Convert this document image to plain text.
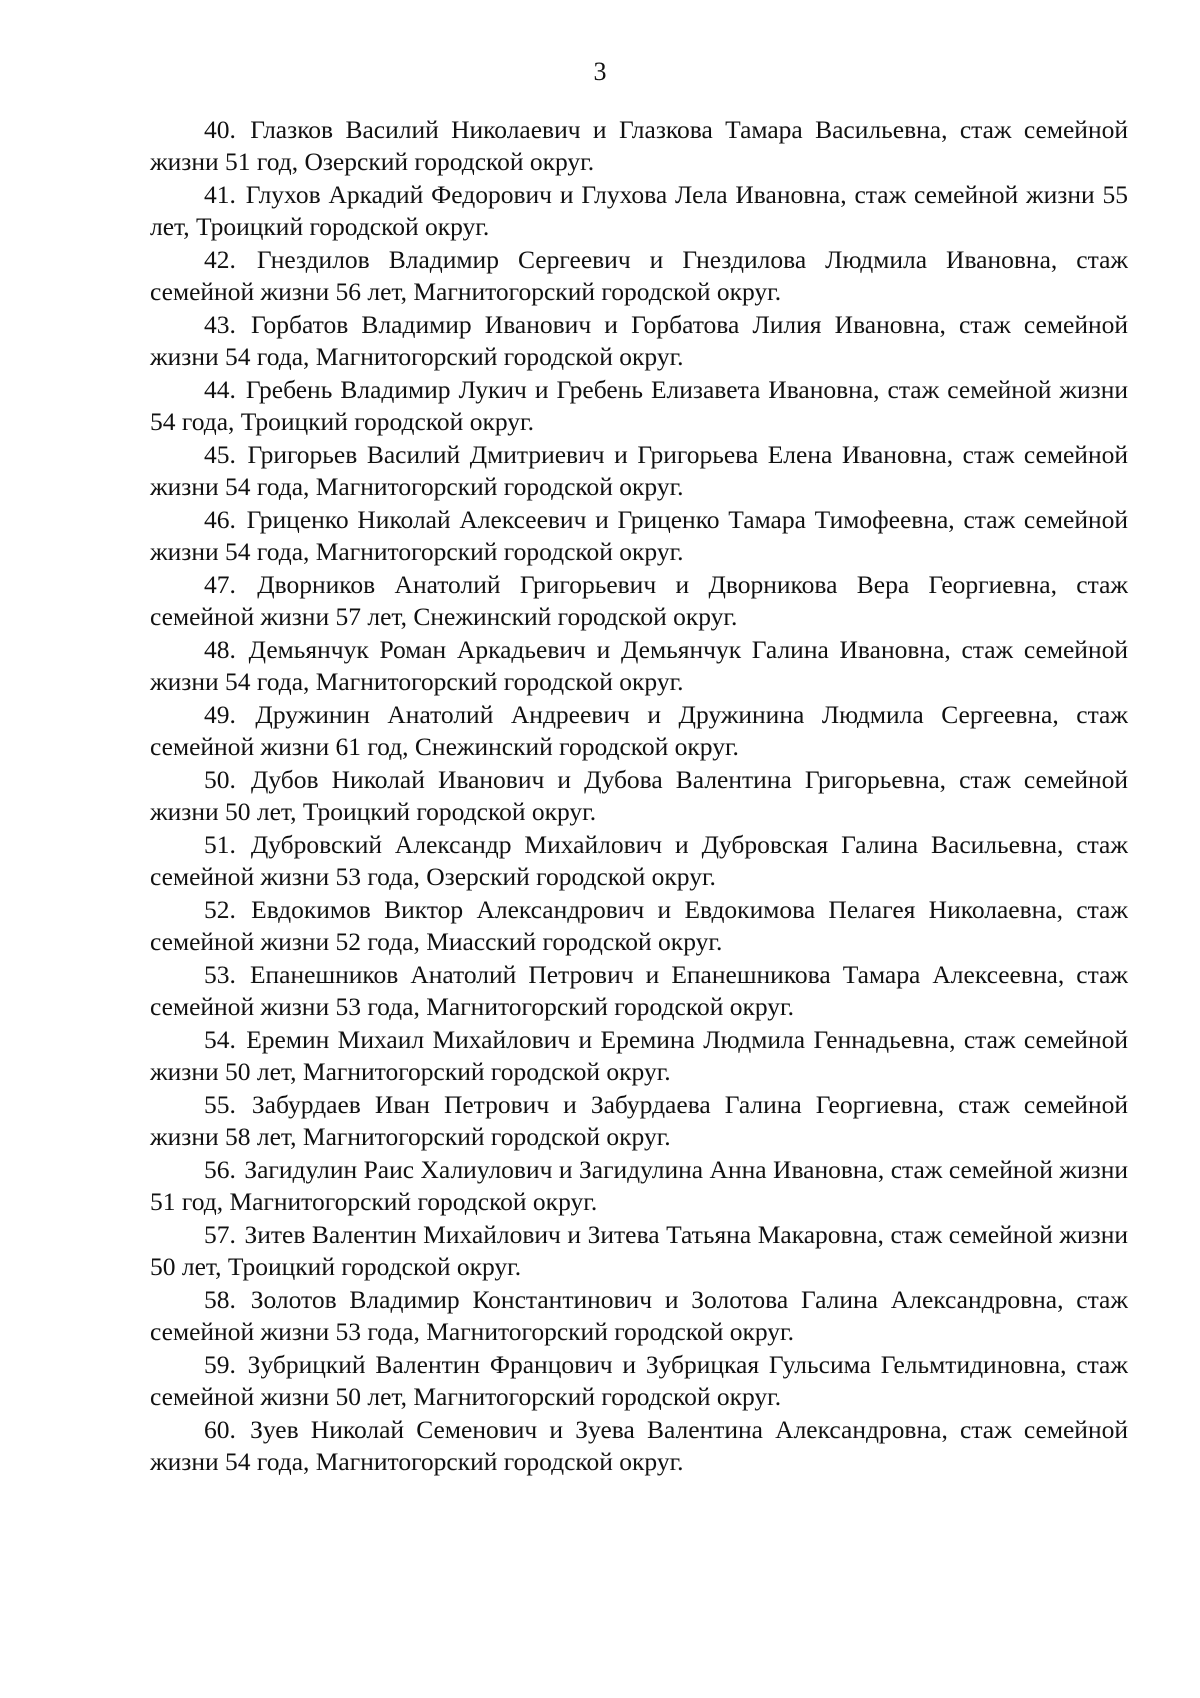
3
40. Глазков Василий Николаевич и Глазкова Тамара Васильевна, стаж семейной жизни 51 год, Озерский городской округ.
41. Глухов Аркадий Федорович и Глухова Лела Ивановна, стаж семейной жизни 55 лет, Троицкий городской округ.
42. Гнездилов Владимир Сергеевич и Гнездилова Людмила Ивановна, стаж семейной жизни 56 лет, Магнитогорский городской округ.
43. Горбатов Владимир Иванович и Горбатова Лилия Ивановна, стаж семейной жизни 54 года, Магнитогорский городской округ.
44. Гребень Владимир Лукич и Гребень Елизавета Ивановна, стаж семейной жизни 54 года, Троицкий городской округ.
45. Григорьев Василий Дмитриевич и Григорьева Елена Ивановна, стаж семейной жизни 54 года, Магнитогорский городской округ.
46. Гриценко Николай Алексеевич и Гриценко Тамара Тимофеевна, стаж семейной жизни 54 года, Магнитогорский городской округ.
47. Дворников Анатолий Григорьевич и Дворникова Вера Георгиевна, стаж семейной жизни 57 лет, Снежинский городской округ.
48. Демьянчук Роман Аркадьевич и Демьянчук Галина Ивановна, стаж семейной жизни 54 года, Магнитогорский городской округ.
49. Дружинин Анатолий Андреевич и Дружинина Людмила Сергеевна, стаж семейной жизни 61 год, Снежинский городской округ.
50. Дубов Николай Иванович и Дубова Валентина Григорьевна, стаж семейной жизни 50 лет, Троицкий городской округ.
51. Дубровский Александр Михайлович и Дубровская Галина Васильевна, стаж семейной жизни 53 года, Озерский городской округ.
52. Евдокимов Виктор Александрович и Евдокимова Пелагея Николаевна, стаж семейной жизни 52 года, Миасский городской округ.
53. Епанешников Анатолий Петрович и Епанешникова Тамара Алексеевна, стаж семейной жизни 53 года, Магнитогорский городской округ.
54. Еремин Михаил Михайлович и Еремина Людмила Геннадьевна, стаж семейной жизни 50 лет, Магнитогорский городской округ.
55. Забурдаев Иван Петрович и Забурдаева Галина Георгиевна, стаж семейной жизни 58 лет, Магнитогорский городской округ.
56. Загидулин Раис Халиулович и Загидулина Анна Ивановна, стаж семейной жизни 51 год, Магнитогорский городской округ.
57. Зитев Валентин Михайлович и Зитева Татьяна Макаровна, стаж семейной жизни 50 лет, Троицкий городской округ.
58. Золотов Владимир Константинович и Золотова Галина Александровна, стаж семейной жизни 53 года, Магнитогорский городской округ.
59. Зубрицкий Валентин Францович и Зубрицкая Гульсима Гельмтидиновна, стаж семейной жизни 50 лет, Магнитогорский городской округ.
60. Зуев Николай Семенович и Зуева Валентина Александровна, стаж семейной жизни 54 года, Магнитогорский городской округ.
